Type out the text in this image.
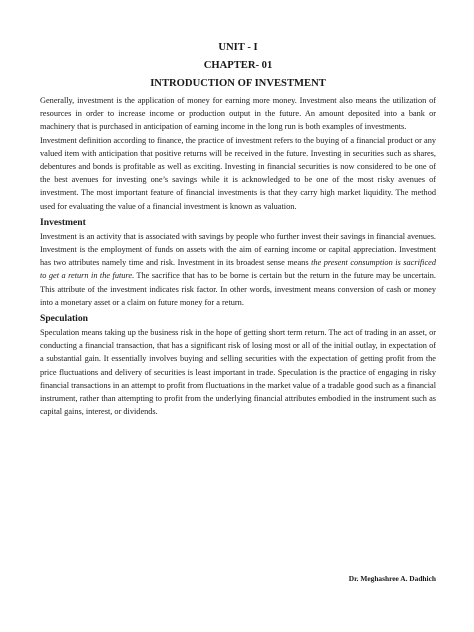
UNIT - I
CHAPTER- 01
INTRODUCTION OF INVESTMENT

Generally, investment is the application of money for earning more money. Investment also means the utilization of resources in order to increase income or production output in the future. An amount deposited into a bank or machinery that is purchased in anticipation of earning income in the long run is both examples of investments.

Investment definition according to finance, the practice of investment refers to the buying of a financial product or any valued item with anticipation that positive returns will be received in the future. Investing in securities such as shares, debentures and bonds is profitable as well as exciting. Investing in financial securities is now considered to be one of the best avenues for investing one’s savings while it is acknowledged to be one of the most risky avenues of investment. The most important feature of financial investments is that they carry high market liquidity. The method used for evaluating the value of a financial investment is known as valuation.

Investment

Investment is an activity that is associated with savings by people who further invest their savings in financial avenues. Investment is the employment of funds on assets with the aim of earning income or capital appreciation. Investment has two attributes namely time and risk. Investment in its broadest sense means the present consumption is sacrificed to get a return in the future. The sacrifice that has to be borne is certain but the return in the future may be uncertain. This attribute of the investment indicates risk factor. In other words, investment means conversion of cash or money into a monetary asset or a claim on future money for a return.

Speculation

Speculation means taking up the business risk in the hope of getting short term return. The act of trading in an asset, or conducting a financial transaction, that has a significant risk of losing most or all of the initial outlay, in expectation of a substantial gain. It essentially involves buying and selling securities with the expectation of getting profit from the price fluctuations and delivery of securities is least important in trade. Speculation is the practice of engaging in risky financial transactions in an attempt to profit from fluctuations in the market value of a tradable good such as a financial instrument, rather than attempting to profit from the underlying financial attributes embodied in the instrument such as capital gains, interest, or dividends.

Dr. Meghashree A. Dadhich
